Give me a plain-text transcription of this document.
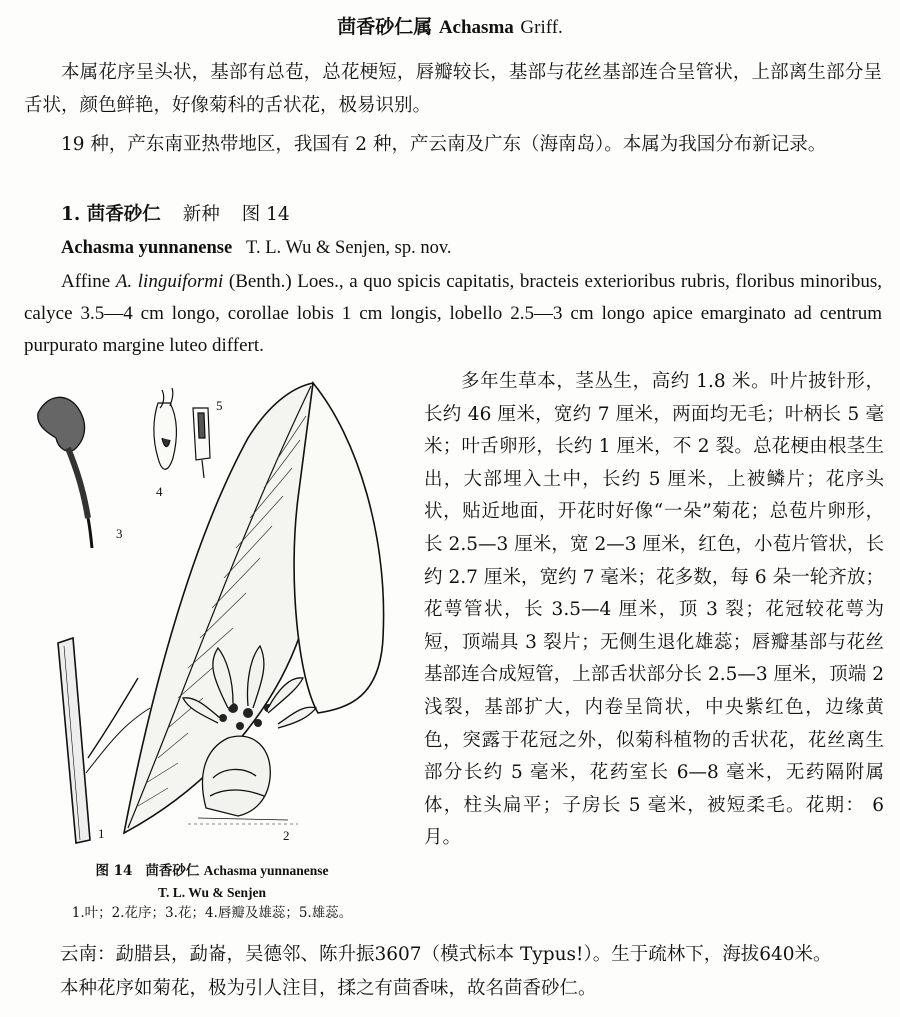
茴香砂仁属 Achasma Griff.
本属花序呈头状，基部有总苞，总花梗短，唇瓣较长，基部与花丝基部连合呈管状，上部离生部分呈舌状，颜色鲜艳，好像菊科的舌状花，极易识别。
19 种，产东南亚热带地区，我国有 2 种，产云南及广东（海南岛）。本属为我国分布新记录。
1. 茴香砂仁 新种 图 14
Achasma yunnanense T. L. Wu & Senjen, sp. nov.
Affine A. linguiformi (Benth.) Loes., a quo spicis capitatis, bracteis exterioribus rubris, floribus minoribus, calyce 3.5—4 cm longo, corollae lobis 1 cm longis, lobello 2.5—3 cm longo apice emarginato ad centrum purpurato margine luteo differt.
1	2
3
4
5
多年生草本，茎丛生，高约 1.8 米。叶片披针形，长约 46 厘米，宽约 7 厘米，两面均无毛；叶柄长 5 毫米；叶舌卵形，长约 1 厘米，不 2 裂。总花梗由根茎生出，大部埋入土中，长约 5 厘米，上被鳞片；花序头状，贴近地面，开花时好像“一朵”菊花；总苞片卵形，长 2.5—3 厘米，宽 2—3 厘米，红色，小苞片管状，长约 2.7 厘米，宽约 7 毫米；花多数，每 6 朵一轮齐放；花萼管状，长 3.5—4 厘米，顶 3 裂；花冠较花萼为短，顶端具 3 裂片；无侧生退化雄蕊；唇瓣基部与花丝基部连合成短管，上部舌状部分长 2.5—3 厘米，顶端 2 浅裂，基部扩大，内卷呈筒状，中央紫红色，边缘黄色，突露于花冠之外，似菊科植物的舌状花，花丝离生部分长约 5 毫米，花药室长 6—8 毫米，无药隔附属体，柱头扁平；子房长 5 毫米，被短柔毛。花期： 6 月。
图 14 茴香砂仁 Achasma yunnanense
T. L. Wu & Senjen
1.叶；2.花序；3.花；4.唇瓣及雄蕊；5.雄蕊。
云南：勐腊县，勐崙，吴德邻、陈升振3607（模式标本 Typus!）。生于疏林下，海拔640米。
本种花序如菊花，极为引人注目，揉之有茴香味，故名茴香砂仁。
